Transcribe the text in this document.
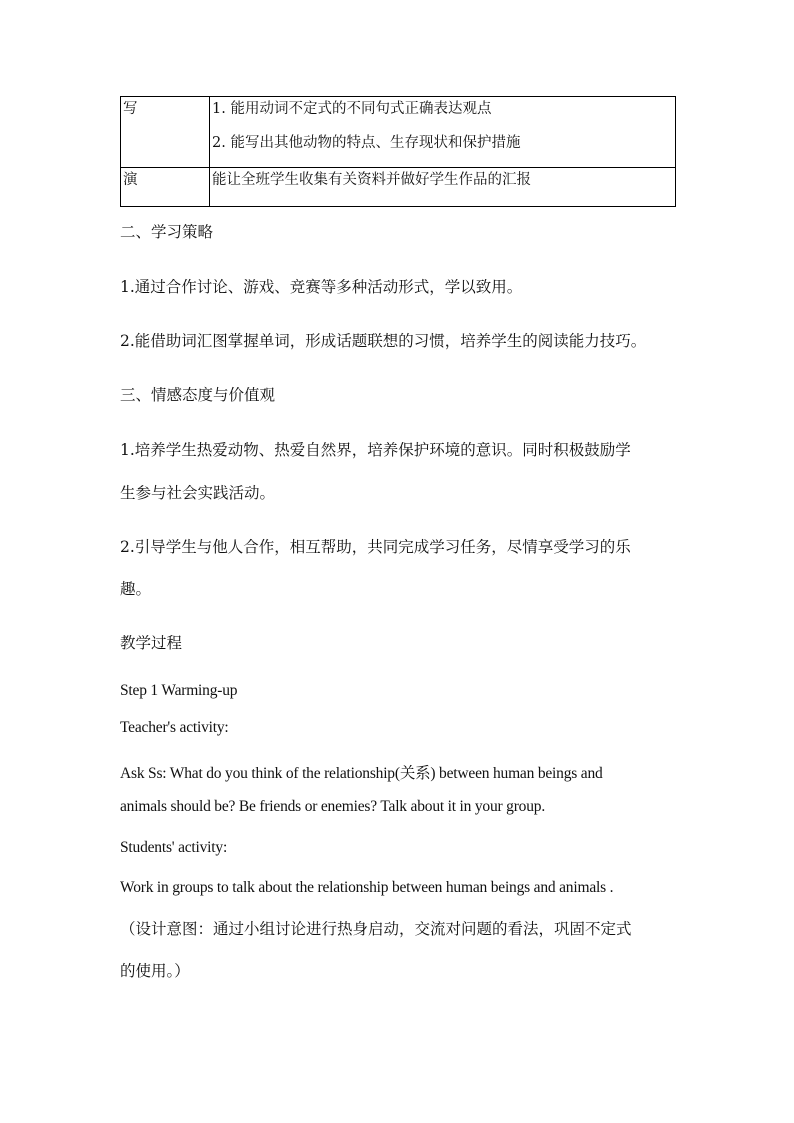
写	1. 能用动词不定式的不同句式正确表达观点
2. 能写出其他动物的特点、生存现状和保护措施

演	能让全班学生收集有关资料并做好学生作品的汇报
二、学习策略
1.通过合作讨论、游戏、竞赛等多种活动形式，学以致用。
2.能借助词汇图掌握单词，形成话题联想的习惯，培养学生的阅读能力技巧。
三、情感态度与价值观
1.培养学生热爱动物、热爱自然界，培养保护环境的意识。同时积极鼓励学
生参与社会实践活动。
2.引导学生与他人合作，相互帮助，共同完成学习任务，尽情享受学习的乐
趣。
教学过程
Step 1 Warming-up
Teacher's activity:
Ask Ss: What do you think of the relationship(关系) between human beings and
animals should be? Be friends or enemies? Talk about it in your group.
Students' activity:
Work in groups to talk about the relationship between human beings and animals .
（设计意图：通过小组讨论进行热身启动，交流对问题的看法，巩固不定式
的使用。）
